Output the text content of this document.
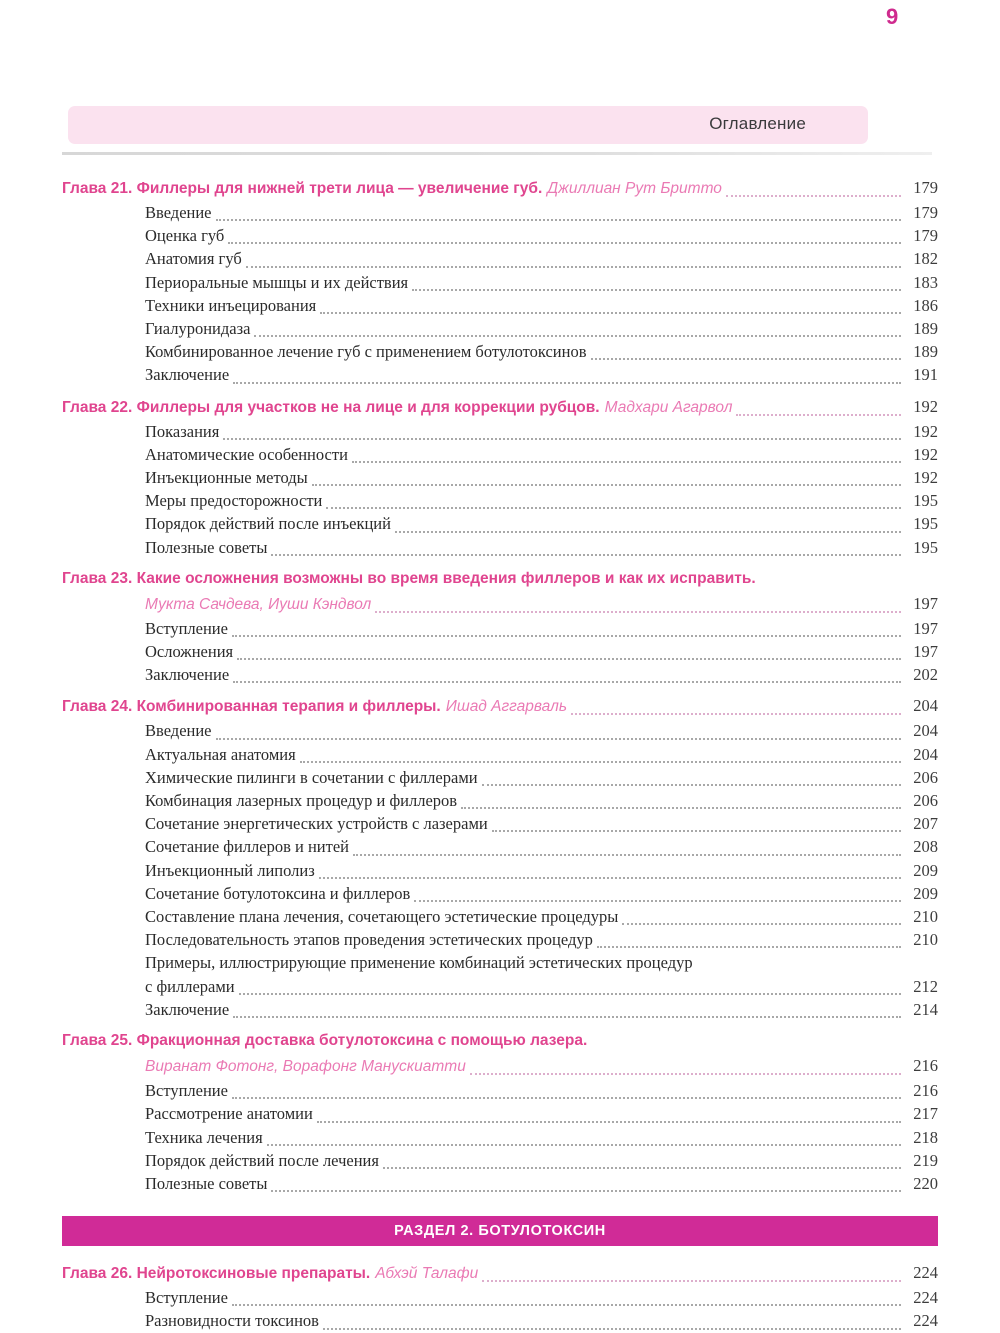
Оглавление
9
Глава 21. Филлеры для нижней трети лица — увеличение губ. Джиллиан Рут Бритто	179
Введение	179
Оценка губ	179
Анатомия губ	182
Периоральные мышцы и их действия	183
Техники инъецирования	186
Гиалуронидаза	189
Комбинированное лечение губ с применением ботулотоксинов	189
Заключение	191
Глава 22. Филлеры для участков не на лице и для коррекции рубцов. Мадхари Агарвол	192
Показания	192
Анатомические особенности	192
Инъекционные методы	192
Меры предосторожности	195
Порядок действий после инъекций	195
Полезные советы	195
Глава 23. Какие осложнения возможны во время введения филлеров и как их исправить.
Мукта Сачдева, Иуши Кэндвол	197
Вступление	197
Осложнения	197
Заключение	202
Глава 24. Комбинированная терапия и филлеры. Ишад Аггарваль	204
Введение	204
Актуальная анатомия	204
Химические пилинги в сочетании с филлерами	206
Комбинация лазерных процедур и филлеров	206
Сочетание энергетических устройств с лазерами	207
Сочетание филлеров и нитей	208
Инъекционный липолиз	209
Сочетание ботулотоксина и филлеров	209
Составление плана лечения, сочетающего эстетические процедуры	210
Последовательность этапов проведения эстетических процедур	210
Примеры, иллюстрирующие применение комбинаций эстетических процедур
с филлерами	212
Заключение	214
Глава 25. Фракционная доставка ботулотоксина с помощью лазера.
Виранат Фотонг, Ворафонг Манускиатти	216
Вступление	216
Рассмотрение анатомии	217
Техника лечения	218
Порядок действий после лечения	219
Полезные советы	220
РАЗДЕЛ 2. БОТУЛОТОКСИН
Глава 26. Нейротоксиновые препараты. Абхэй Талафи	224
Вступление	224
Разновидности токсинов	224
